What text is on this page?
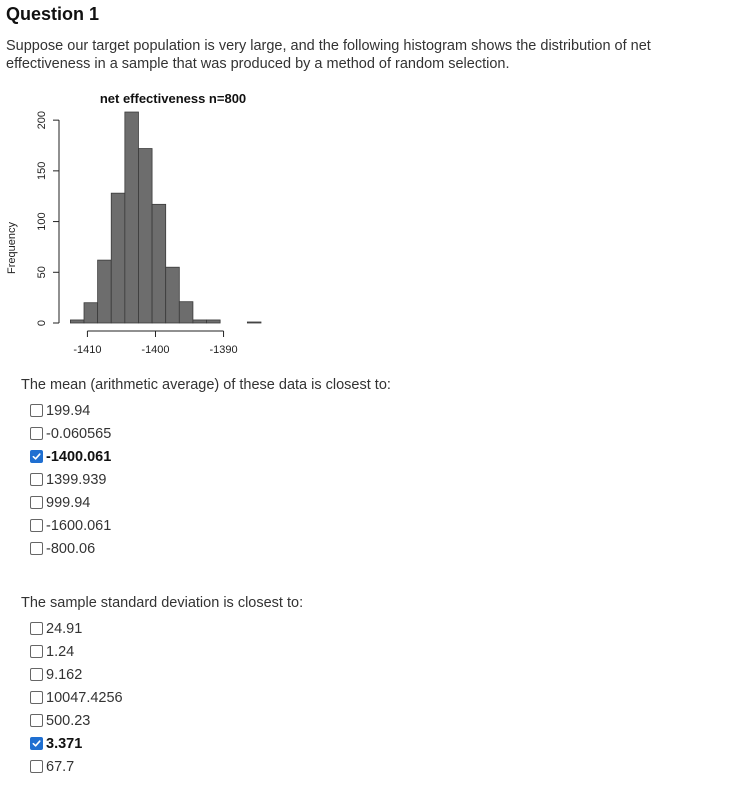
Question 1
Suppose our target population is very large, and the following histogram shows the distribution of net effectiveness in a sample that was produced by a method of random selection.
net effectiveness n=800
Frequency
-1410	-1400	-1390
0
50
100
150
200
The mean (arithmetic average) of these data is closest to:
199.94
-0.060565
-1400.061
1399.939
999.94
-1600.061
-800.06
The sample standard deviation is closest to:
24.91
1.24
9.162
10047.4256
500.23
3.371
67.7
